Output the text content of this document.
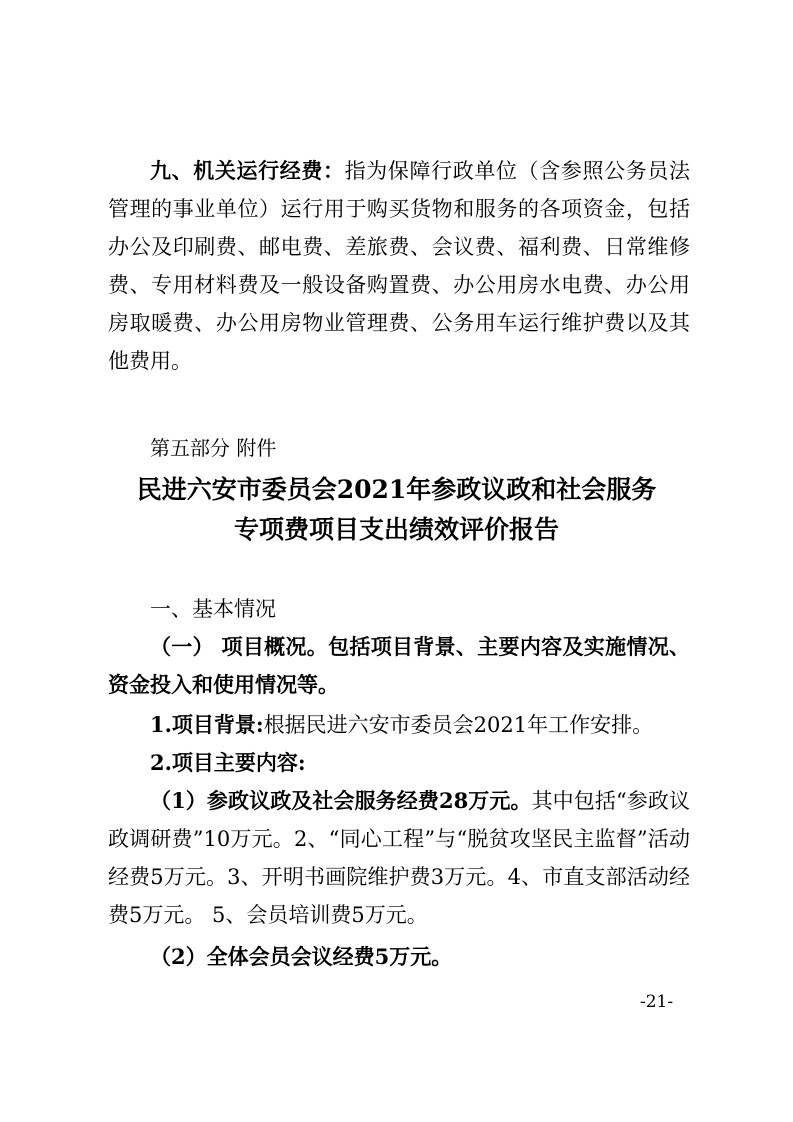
九、机关运行经费：指为保障行政单位（含参照公务员法管理的事业单位）运行用于购买货物和服务的各项资金，包括办公及印刷费、邮电费、差旅费、会议费、福利费、日常维修费、专用材料费及一般设备购置费、办公用房水电费、办公用房取暖费、办公用房物业管理费、公务用车运行维护费以及其他费用。

第五部分 附件

民进六安市委员会2021年参政议政和社会服务

专项费项目支出绩效评价报告

一、基本情况

（一） 项目概况。包括项目背景、主要内容及实施情况、资金投入和使用情况等。

1.项目背景:根据民进六安市委员会2021年工作安排。

2.项目主要内容:

（1）参政议政及社会服务经费28万元。其中包括“参政议政调研费”10万元。2、“同心工程”与“脱贫攻坚民主监督”活动经费5万元。3、开明书画院维护费3万元。4、市直支部活动经费5万元。 5、会员培训费5万元。

（2）全体会员会议经费5万元。

-21-
